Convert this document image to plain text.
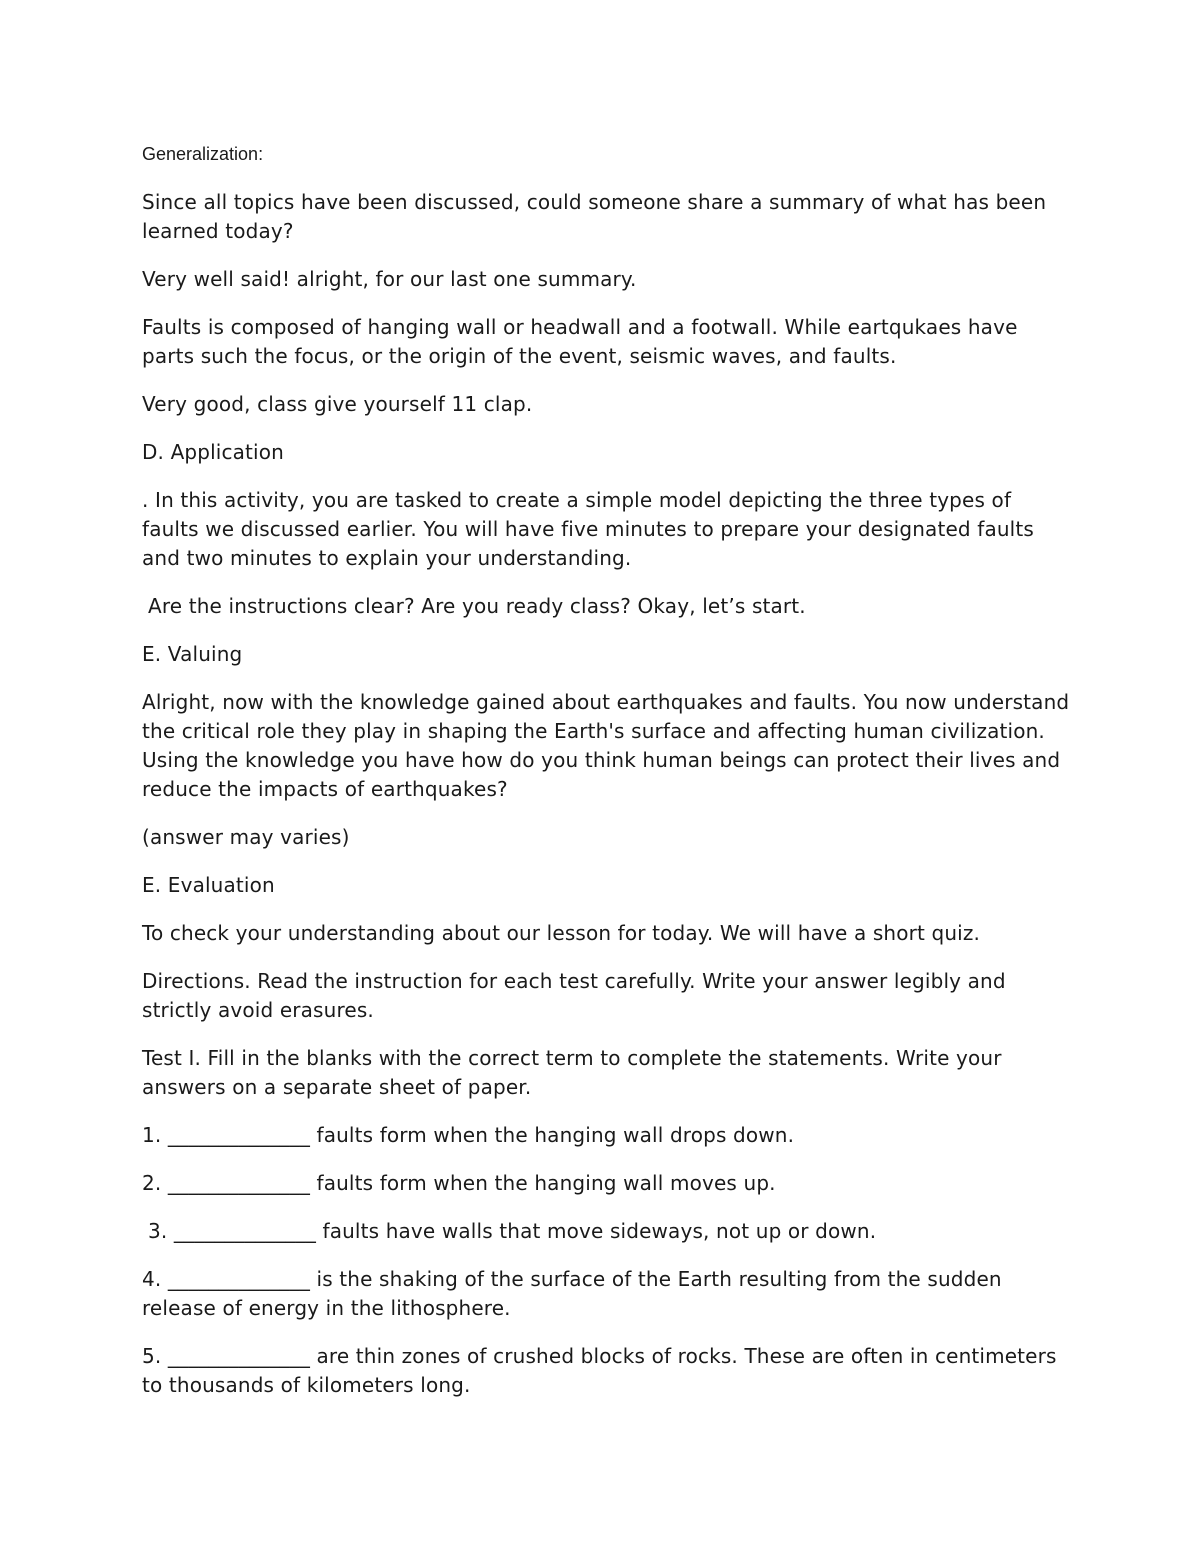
Generalization:

Since all topics have been discussed, could someone share a summary of what has been learned today?

Very well said! alright, for our last one summary.

Faults is composed of hanging wall or headwall and a footwall. While eartqukaes have parts such the focus, or the origin of the event, seismic waves, and faults.

Very good, class give yourself 11 clap.

D. Application

. In this activity, you are tasked to create a simple model depicting the three types of faults we discussed earlier. You will have five minutes to prepare your designated faults and two minutes to explain your understanding.

Are the instructions clear? Are you ready class? Okay, let’s start.

E. Valuing

Alright, now with the knowledge gained about earthquakes and faults. You now understand the critical role they play in shaping the Earth's surface and affecting human civilization. Using the knowledge you have how do you think human beings can protect their lives and reduce the impacts of earthquakes?

(answer may varies)

E. Evaluation

To check your understanding about our lesson for today. We will have a short quiz.

Directions. Read the instruction for each test carefully. Write your answer legibly and strictly avoid erasures.

Test I. Fill in the blanks with the correct term to complete the statements. Write your answers on a separate sheet of paper.

1. ______________ faults form when the hanging wall drops down.

2. ______________ faults form when the hanging wall moves up.

3. ______________ faults have walls that move sideways, not up or down.

4. ______________ is the shaking of the surface of the Earth resulting from the sudden release of energy in the lithosphere.

5. ______________ are thin zones of crushed blocks of rocks. These are often in centimeters to thousands of kilometers long.
